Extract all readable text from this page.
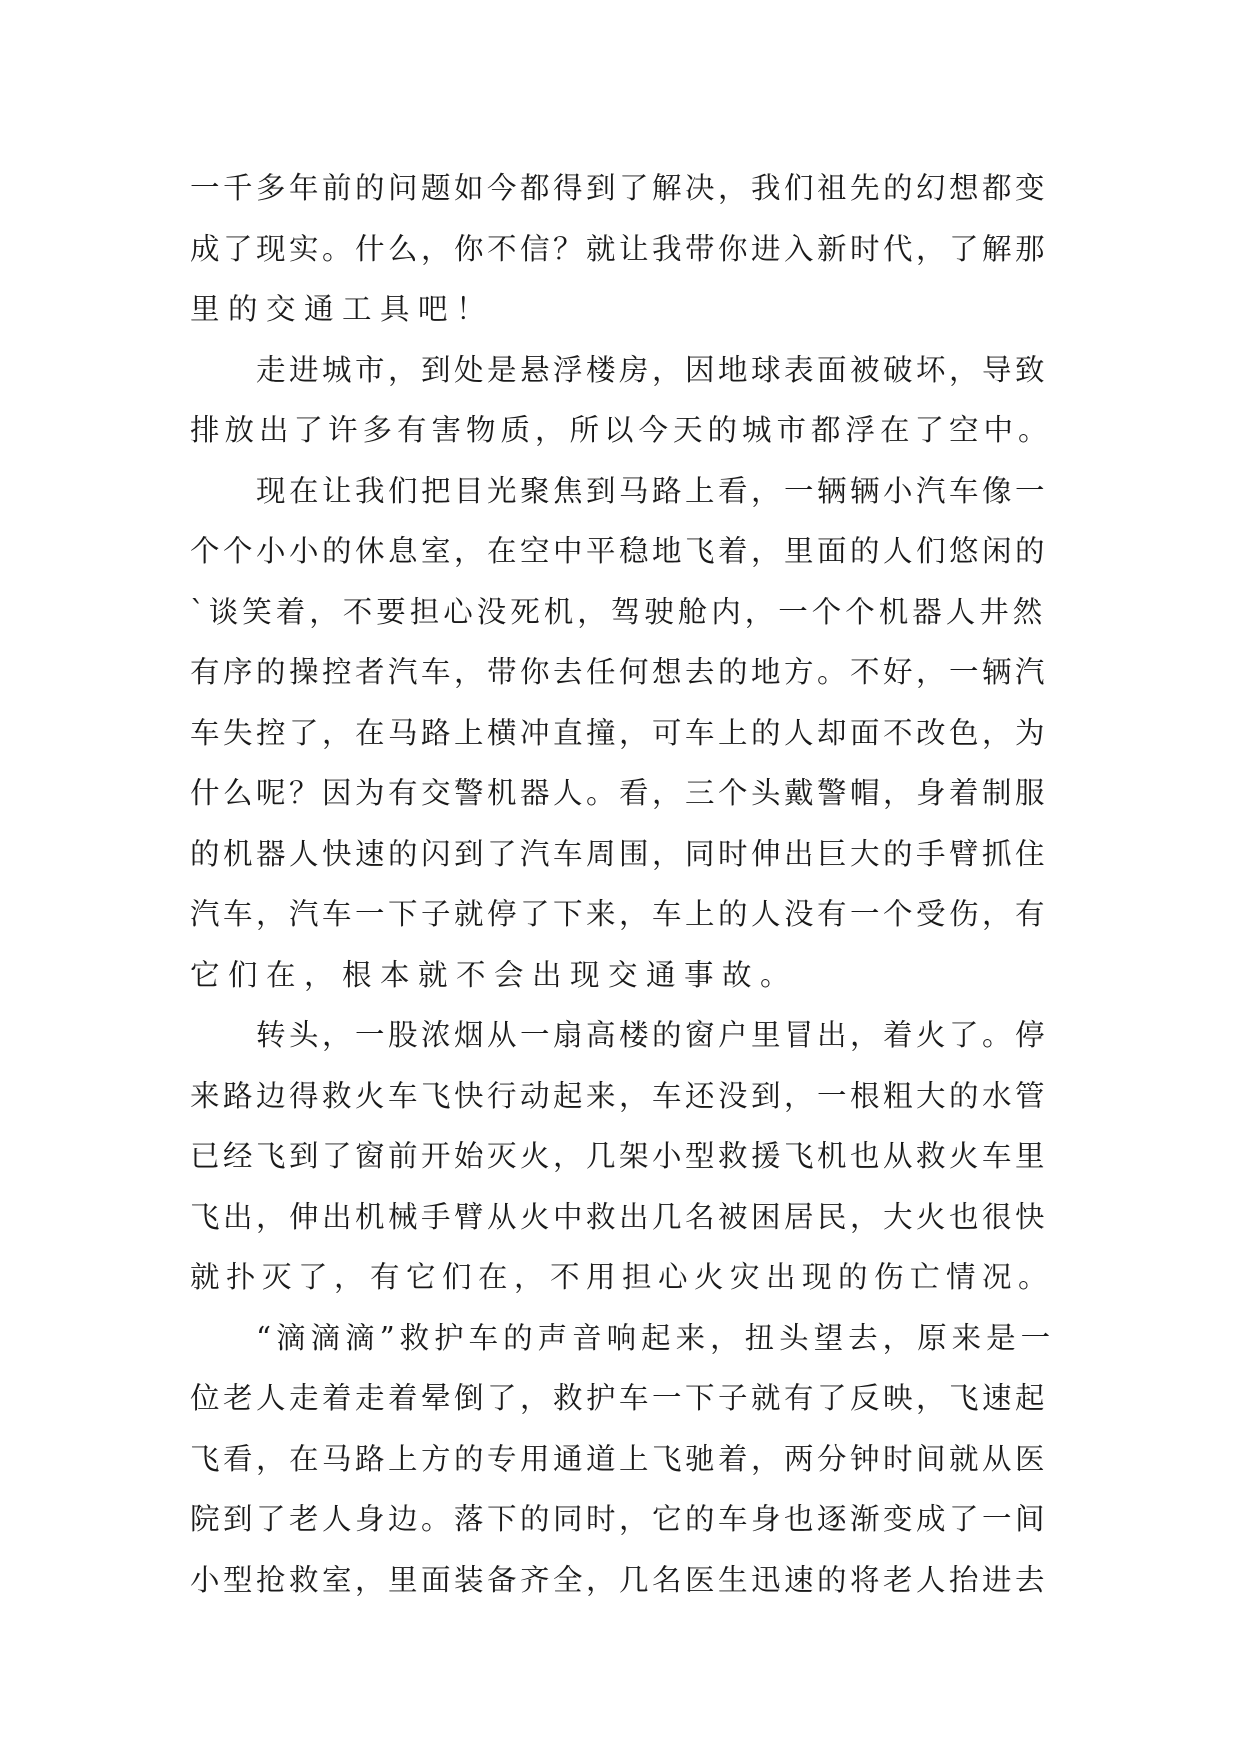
一千多年前的问题如今都得到了解决，我们祖先的幻想都变
成了现实。什么，你不信？就让我带你进入新时代，了解那
里的交通工具吧！
走进城市，到处是悬浮楼房，因地球表面被破坏，导致
排放出了许多有害物质，所以今天的城市都浮在了空中。
现在让我们把目光聚焦到马路上看，一辆辆小汽车像一
个个小小的休息室，在空中平稳地飞着，里面的人们悠闲的
`谈笑着，不要担心没死机，驾驶舱内，一个个机器人井然
有序的操控者汽车，带你去任何想去的地方。不好，一辆汽
车失控了，在马路上横冲直撞，可车上的人却面不改色，为
什么呢？因为有交警机器人。看，三个头戴警帽，身着制服
的机器人快速的闪到了汽车周围，同时伸出巨大的手臂抓住
汽车，汽车一下子就停了下来，车上的人没有一个受伤，有
它们在，根本就不会出现交通事故。
转头，一股浓烟从一扇高楼的窗户里冒出，着火了。停
来路边得救火车飞快行动起来，车还没到，一根粗大的水管
已经飞到了窗前开始灭火，几架小型救援飞机也从救火车里
飞出，伸出机械手臂从火中救出几名被困居民，大火也很快
就扑灭了，有它们在，不用担心火灾出现的伤亡情况。
“滴滴滴”救护车的声音响起来，扭头望去，原来是一
位老人走着走着晕倒了，救护车一下子就有了反映，飞速起
飞看，在马路上方的专用通道上飞驰着，两分钟时间就从医
院到了老人身边。落下的同时，它的车身也逐渐变成了一间
小型抢救室，里面装备齐全，几名医生迅速的将老人抬进去
